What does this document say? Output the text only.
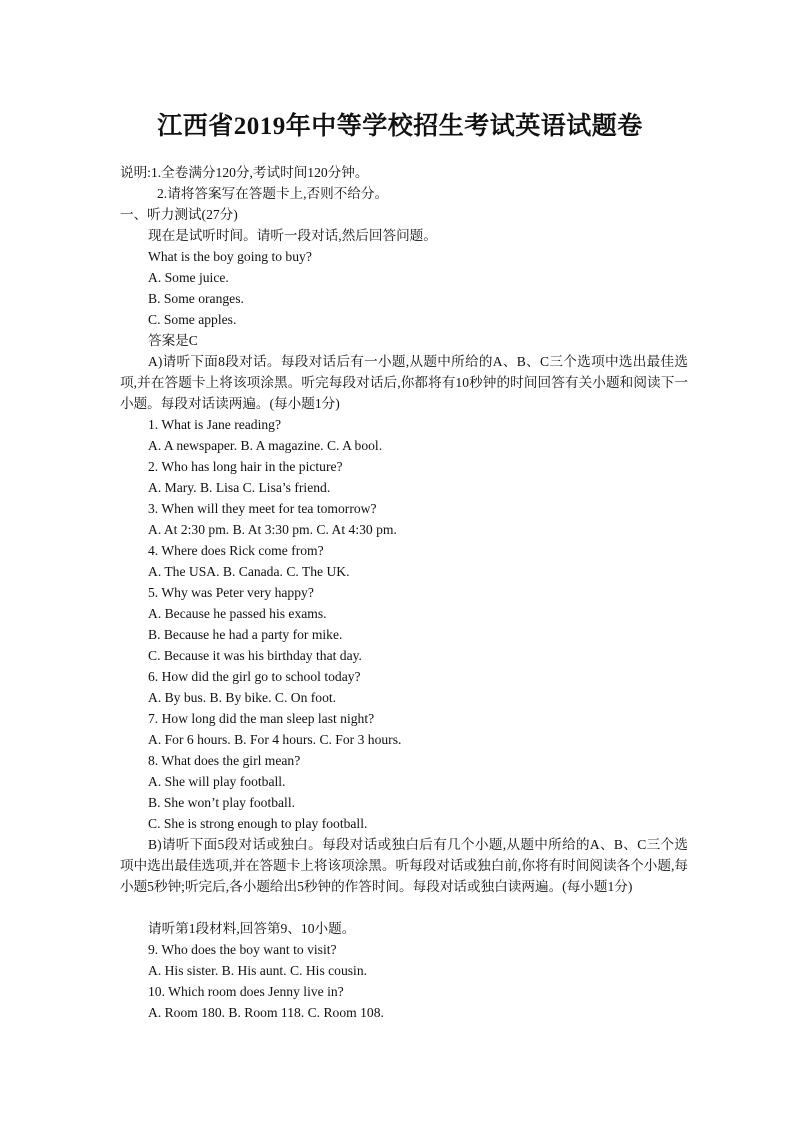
江西省2019年中等学校招生考试英语试题卷
说明:1.全卷满分120分,考试时间120分钟。
2.请将答案写在答题卡上,否则不给分。
一、听力测试(27分)
现在是试听时间。请听一段对话,然后回答问题。
What is the boy going to buy?
A. Some juice.
B. Some oranges.
C. Some apples.
答案是C
A)请听下面8段对话。每段对话后有一小题,从题中所给的A、B、C三个选项中选出最佳选项,并在答题卡上将该项涂黑。听完每段对话后,你都将有10秒钟的时间回答有关小题和阅读下一小题。每段对话读两遍。(每小题1分)
1. What is Jane reading?
A. A newspaper. B. A magazine. C. A bool.
2. Who has long hair in the picture?
A. Mary. B. Lisa C. Lisa’s friend.
3. When will they meet for tea tomorrow?
A. At 2:30 pm. B. At 3:30 pm. C. At 4:30 pm.
4. Where does Rick come from?
A. The USA. B. Canada. C. The UK.
5. Why was Peter very happy?
A. Because he passed his exams.
B. Because he had a party for mike.
C. Because it was his birthday that day.
6. How did the girl go to school today?
A. By bus. B. By bike. C. On foot.
7. How long did the man sleep last night?
A. For 6 hours. B. For 4 hours. C. For 3 hours.
8. What does the girl mean?
A. She will play football.
B. She won’t play football.
C. She is strong enough to play football.
B)请听下面5段对话或独白。每段对话或独白后有几个小题,从题中所给的A、B、C三个选项中选出最佳选项,并在答题卡上将该项涂黑。听每段对话或独白前,你将有时间阅读各个小题,每小题5秒钟;听完后,各小题给出5秒钟的作答时间。每段对话或独白读两遍。(每小题1分)
请听第1段材料,回答第9、10小题。
9. Who does the boy want to visit?
A. His sister. B. His aunt. C. His cousin.
10. Which room does Jenny live in?
A. Room 180. B. Room 118. C. Room 108.
